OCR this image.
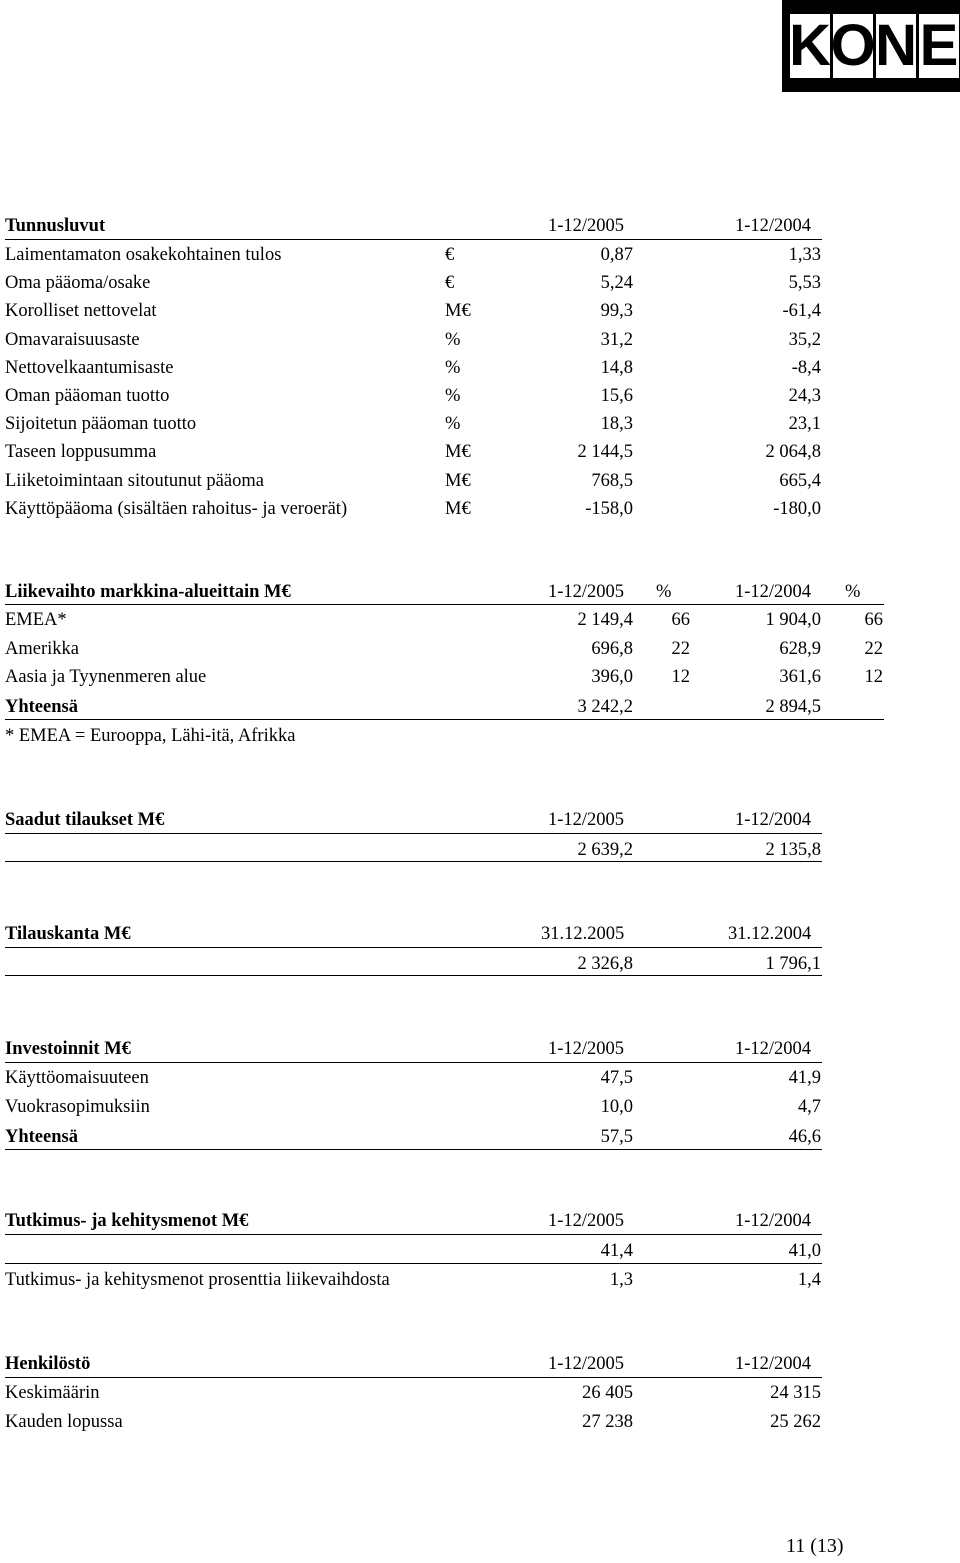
K O N E
Tunnusluvut	1-12/2005	1-12/2004
Laimentamaton osakekohtainen tulos	€	0,87	1,33
Oma pääoma/osake	€	5,24	5,53
Korolliset nettovelat	M€	99,3	-61,4
Omavaraisuusaste	%	31,2	35,2
Nettovelkaantumisaste	%	14,8	-8,4
Oman pääoman tuotto	%	15,6	24,3
Sijoitetun pääoman tuotto	%	18,3	23,1
Taseen loppusumma	M€	2 144,5	2 064,8
Liiketoimintaan sitoutunut pääoma	M€	768,5	665,4
Käyttöpääoma (sisältäen rahoitus- ja veroerät)	M€	-158,0	-180,0
Liikevaihto markkina-alueittain M€	1-12/2005 %	1-12/2004 %
EMEA*	2 149,4 66	1 904,0 66
Amerikka	696,8 22	628,9 22
Aasia ja Tyynenmeren alue	396,0 12	361,6 12
Yhteensä	3 242,2	2 894,5
* EMEA = Eurooppa, Lähi-itä, Afrikka
Saadut tilaukset M€	1-12/2005	1-12/2004
2 639,2	2 135,8
Tilauskanta M€	31.12.2005	31.12.2004
2 326,8	1 796,1
Investoinnit M€	1-12/2005	1-12/2004
Käyttöomaisuuteen	47,5	41,9
Vuokrasopimuksiin	10,0	4,7
Yhteensä	57,5	46,6
Tutkimus- ja kehitysmenot M€	1-12/2005	1-12/2004
41,4	41,0
Tutkimus- ja kehitysmenot prosenttia liikevaihdosta	1,3	1,4
Henkilöstö	1-12/2005	1-12/2004
Keskimäärin	26 405	24 315
Kauden lopussa	27 238	25 262
11 (13)
